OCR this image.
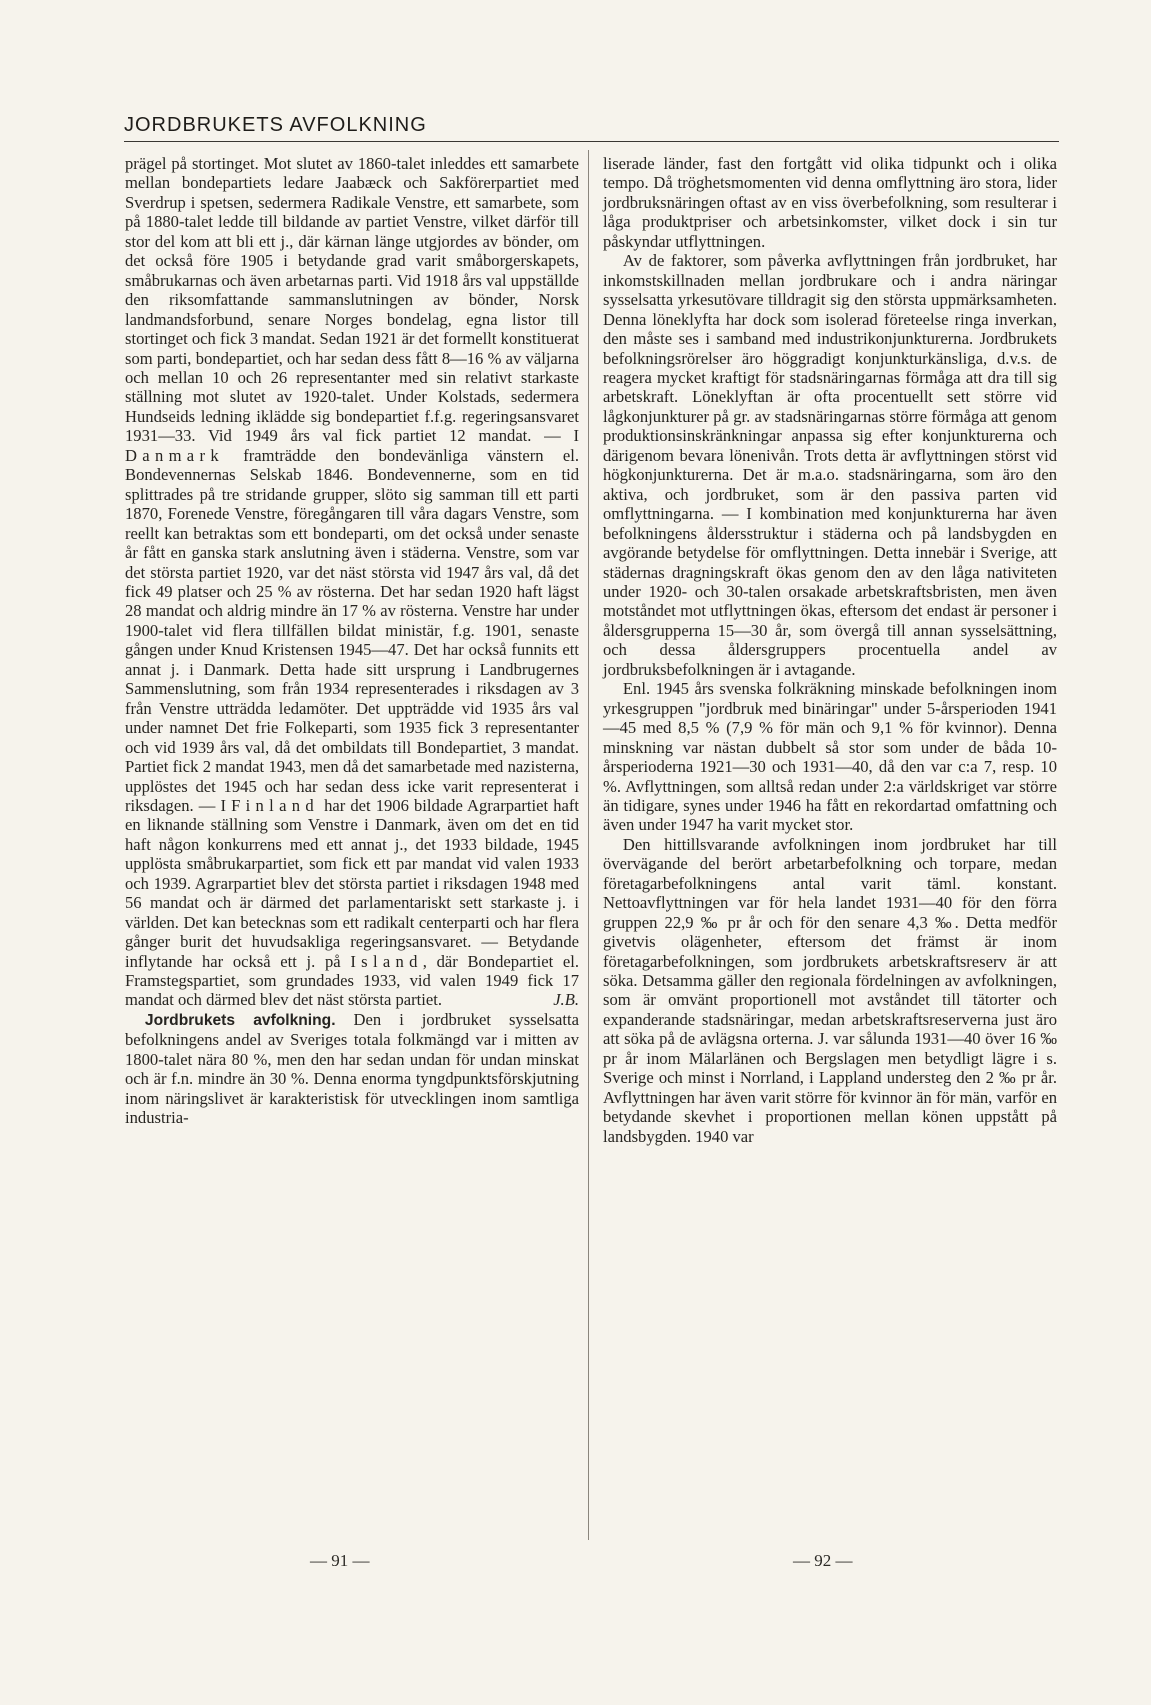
JORDBRUKETS AVFOLKNING

prägel på stortinget. Mot slutet av 1860-talet inleddes ett samarbete mellan bondepartiets ledare Jaabæck och Sakförerpartiet med Sverdrup i spetsen, sedermera Radikale Venstre, ett samarbete, som på 1880-talet ledde till bildande av partiet Venstre, vilket därför till stor del kom att bli ett j., där kärnan länge utgjordes av bönder, om det också före 1905 i betydande grad varit småborgerskapets, småbrukarnas och även arbetarnas parti. Vid 1918 års val uppställde den riksomfattande sammanslutningen av bönder, Norsk landmandsforbund, senare Norges bondelag, egna listor till stortinget och fick 3 mandat. Sedan 1921 är det formellt konstituerat som parti, bondepartiet, och har sedan dess fått 8—16 % av väljarna och mellan 10 och 26 representanter med sin relativt starkaste ställning mot slutet av 1920-talet. Under Kolstads, sedermera Hundseids ledning iklädde sig bondepartiet f.f.g. regeringsansvaret 1931—33. Vid 1949 års val fick partiet 12 mandat. — I Danmark framträdde den bondevänliga vänstern el. Bondevennernas Selskab 1846. Bondevennerne, som en tid splittrades på tre stridande grupper, slöto sig samman till ett parti 1870, Forenede Venstre, föregångaren till våra dagars Venstre, som reellt kan betraktas som ett bondeparti, om det också under senaste år fått en ganska stark anslutning även i städerna. Venstre, som var det största partiet 1920, var det näst största vid 1947 års val, då det fick 49 platser och 25 % av rösterna. Det har sedan 1920 haft lägst 28 mandat och aldrig mindre än 17 % av rösterna. Venstre har under 1900-talet vid flera tillfällen bildat ministär, f.g. 1901, senaste gången under Knud Kristensen 1945—47. Det har också funnits ett annat j. i Danmark. Detta hade sitt ursprung i Landbrugernes Sammenslutning, som från 1934 representerades i riksdagen av 3 från Venstre utträdda ledamöter. Det uppträdde vid 1935 års val under namnet Det frie Folkeparti, som 1935 fick 3 representanter och vid 1939 års val, då det ombildats till Bondepartiet, 3 mandat. Partiet fick 2 mandat 1943, men då det samarbetade med nazisterna, upplöstes det 1945 och har sedan dess icke varit representerat i riksdagen. — I Finland har det 1906 bildade Agrarpartiet haft en liknande ställning som Venstre i Danmark, även om det en tid haft någon konkurrens med ett annat j., det 1933 bildade, 1945 upplösta småbrukarpartiet, som fick ett par mandat vid valen 1933 och 1939. Agrarpartiet blev det största partiet i riksdagen 1948 med 56 mandat och är därmed det parlamentariskt sett starkaste j. i världen. Det kan betecknas som ett radikalt centerparti och har flera gånger burit det huvudsakliga regeringsansvaret. — Betydande inflytande har också ett j. på Island, där Bondepartiet el. Framstegspartiet, som grundades 1933, vid valen 1949 fick 17 mandat och därmed blev det näst största partiet.	J.B.

Jordbrukets avfolkning. Den i jordbruket sysselsatta befolkningens andel av Sveriges totala folkmängd var i mitten av 1800-talet nära 80 %, men den har sedan undan för undan minskat och är f.n. mindre än 30 %. Denna enorma tyngdpunktsförskjutning inom näringslivet är karakteristisk för utvecklingen inom samtliga industria-

liserade länder, fast den fortgått vid olika tidpunkt och i olika tempo. Då tröghetsmomenten vid denna omflyttning äro stora, lider jordbruksnäringen oftast av en viss överbefolkning, som resulterar i låga produktpriser och arbetsinkomster, vilket dock i sin tur påskyndar utflyttningen.

Av de faktorer, som påverka avflyttningen från jordbruket, har inkomstskillnaden mellan jordbrukare och i andra näringar sysselsatta yrkesutövare tilldragit sig den största uppmärksamheten. Denna löneklyfta har dock som isolerad företeelse ringa inverkan, den måste ses i samband med industrikonjunkturerna. Jordbrukets befolkningsrörelser äro höggradigt konjunkturkänsliga, d.v.s. de reagera mycket kraftigt för stadsnäringarnas förmåga att dra till sig arbetskraft. Löneklyftan är ofta procentuellt sett större vid lågkonjunkturer på gr. av stadsnäringarnas större förmåga att genom produktionsinskränkningar anpassa sig efter konjunkturerna och därigenom bevara lönenivån. Trots detta är avflyttningen störst vid högkonjunkturerna. Det är m.a.o. stadsnäringarna, som äro den aktiva, och jordbruket, som är den passiva parten vid omflyttningarna. — I kombination med konjunkturerna har även befolkningens åldersstruktur i städerna och på landsbygden en avgörande betydelse för omflyttningen. Detta innebär i Sverige, att städernas dragningskraft ökas genom den av den låga nativiteten under 1920- och 30-talen orsakade arbetskraftsbristen, men även motståndet mot utflyttningen ökas, eftersom det endast är personer i åldersgrupperna 15—30 år, som övergå till annan sysselsättning, och dessa åldersgruppers procentuella andel av jordbruksbefolkningen är i avtagande.

Enl. 1945 års svenska folkräkning minskade befolkningen inom yrkesgruppen "jordbruk med binäringar" under 5-årsperioden 1941—45 med 8,5 % (7,9 % för män och 9,1 % för kvinnor). Denna minskning var nästan dubbelt så stor som under de båda 10-årsperioderna 1921—30 och 1931—40, då den var c:a 7, resp. 10 %. Avflyttningen, som alltså redan under 2:a världskriget var större än tidigare, synes under 1946 ha fått en rekordartad omfattning och även under 1947 ha varit mycket stor.

Den hittillsvarande avfolkningen inom jordbruket har till övervägande del berört arbetarbefolkning och torpare, medan företagarbefolkningens antal varit täml. konstant. Nettoavflyttningen var för hela landet 1931—40 för den förra gruppen 22,9 ‰ pr år och för den senare 4,3 ‰. Detta medför givetvis olägenheter, eftersom det främst är inom företagarbefolkningen, som jordbrukets arbetskraftsreserv är att söka. Detsamma gäller den regionala fördelningen av avfolkningen, som är omvänt proportionell mot avståndet till tätorter och expanderande stadsnäringar, medan arbetskraftsreserverna just äro att söka på de avlägsna orterna. J. var sålunda 1931—40 över 16 ‰ pr år inom Mälarlänen och Bergslagen men betydligt lägre i s. Sverige och minst i Norrland, i Lappland understeg den 2 ‰ pr år. Avflyttningen har även varit större för kvinnor än för män, varför en betydande skevhet i proportionen mellan könen uppstått på landsbygden. 1940 var

— 91 —	— 92 —
